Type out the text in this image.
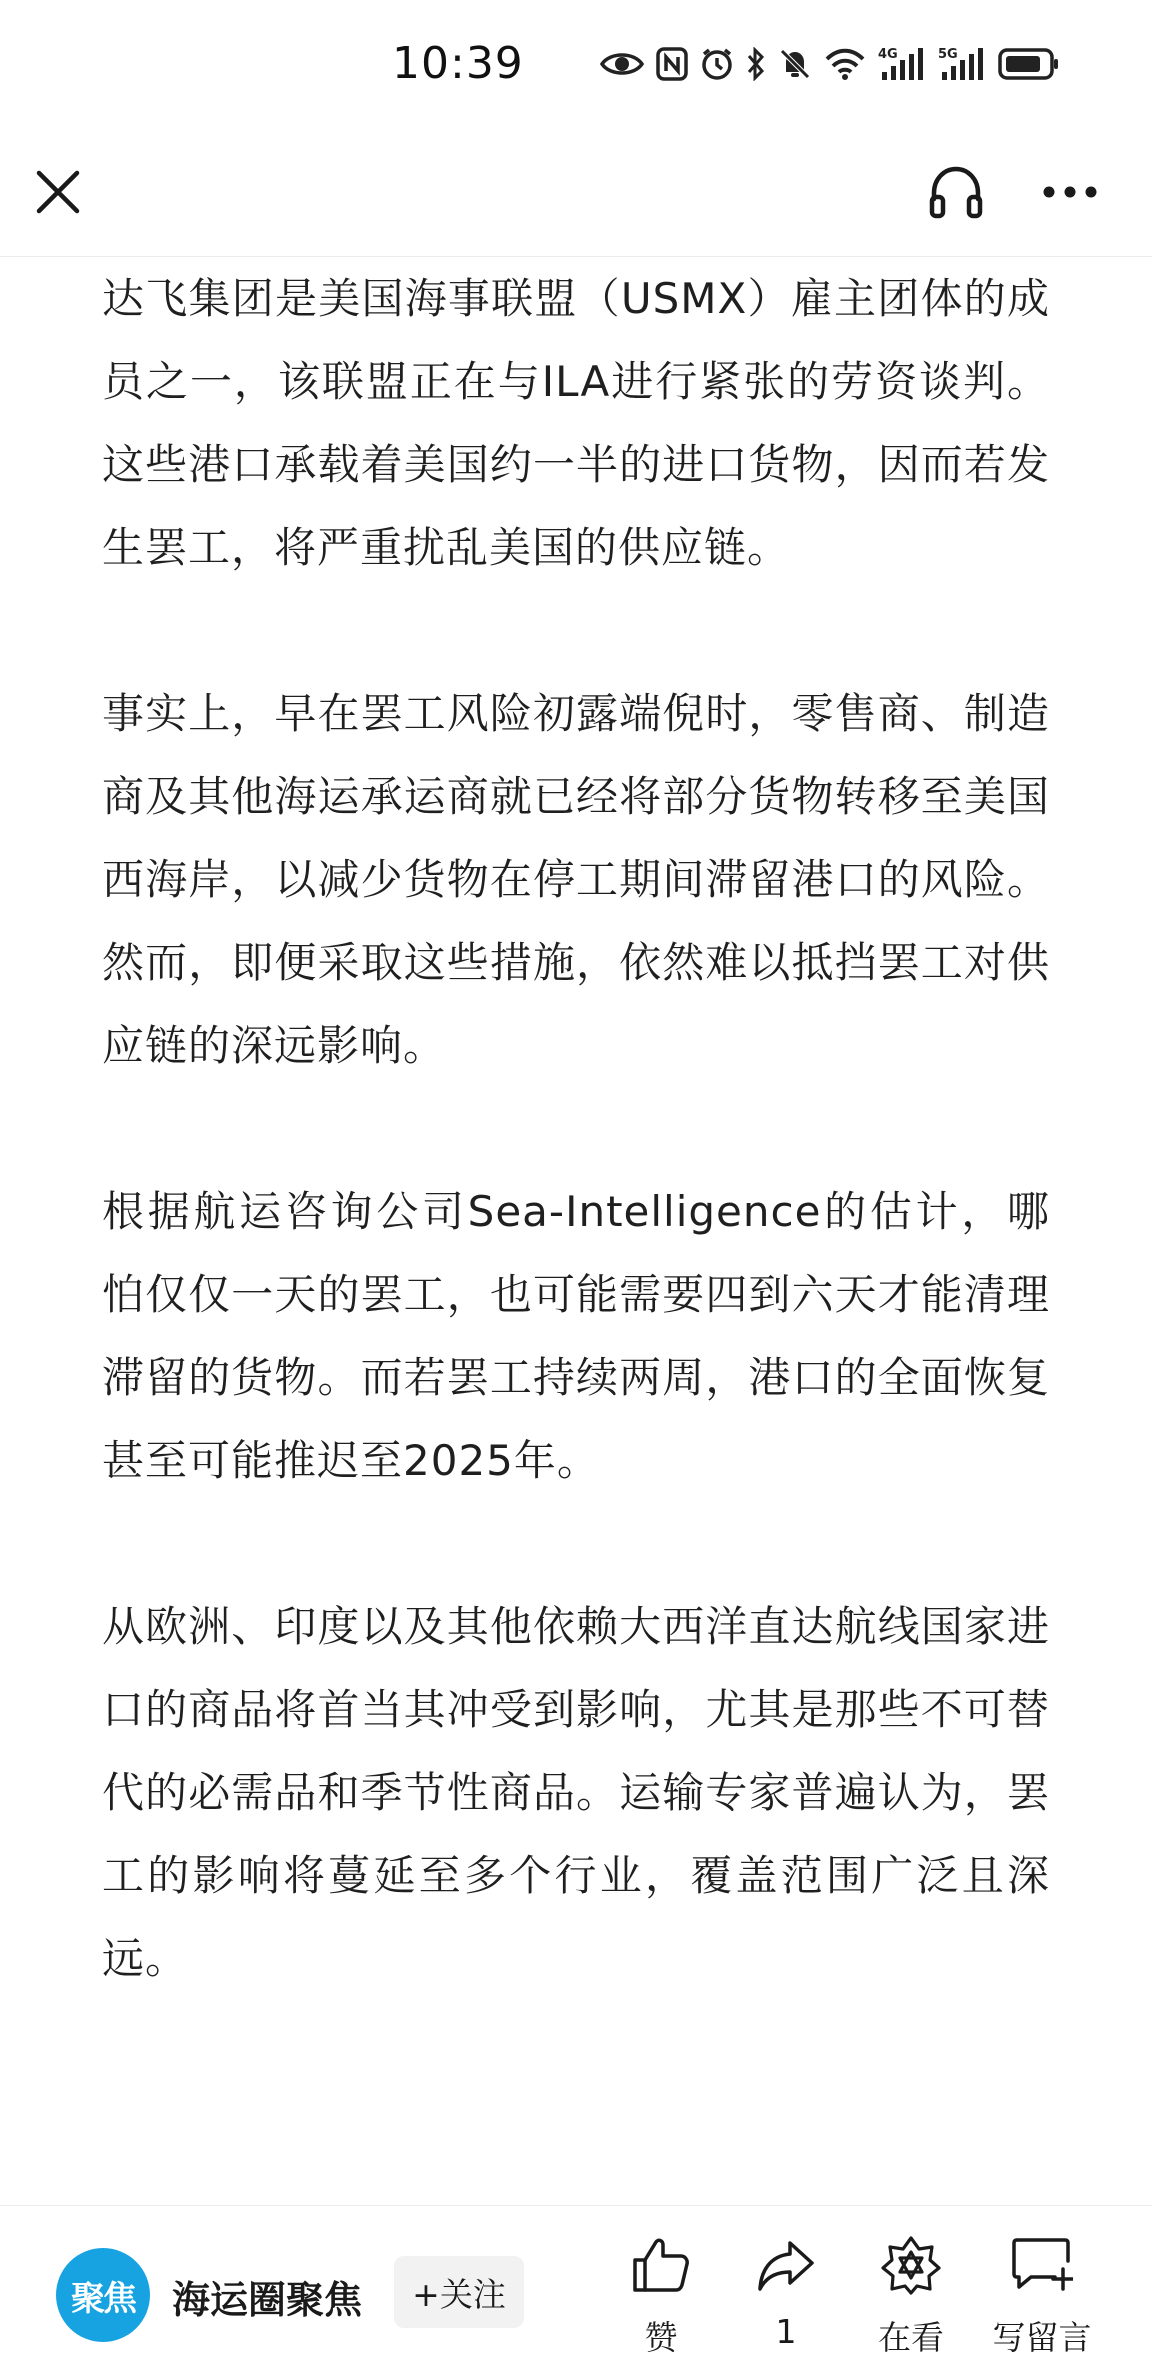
10:39	4G	5G

达飞集团是美国海事联盟（USMX）雇主团体的成员之一，该联盟正在与ILA进行紧张的劳资谈判。这些港口承载着美国约一半的进口货物，因而若发生罢工，将严重扰乱美国的供应链。

事实上，早在罢工风险初露端倪时，零售商、制造商及其他海运承运商就已经将部分货物转移至美国西海岸，以减少货物在停工期间滞留港口的风险。然而，即便采取这些措施，依然难以抵挡罢工对供应链的深远影响。

根据航运咨询公司Sea-Intelligence的估计，哪怕仅仅一天的罢工，也可能需要四到六天才能清理滞留的货物。而若罢工持续两周，港口的全面恢复甚至可能推迟至2025年。

从欧洲、印度以及其他依赖大西洋直达航线国家进口的商品将首当其冲受到影响，尤其是那些不可替代的必需品和季节性商品。运输专家普遍认为，罢工的影响将蔓延至多个行业，覆盖范围广泛且深远。

聚焦 海运圈聚焦	+关注
赞	1	在看	写留言
